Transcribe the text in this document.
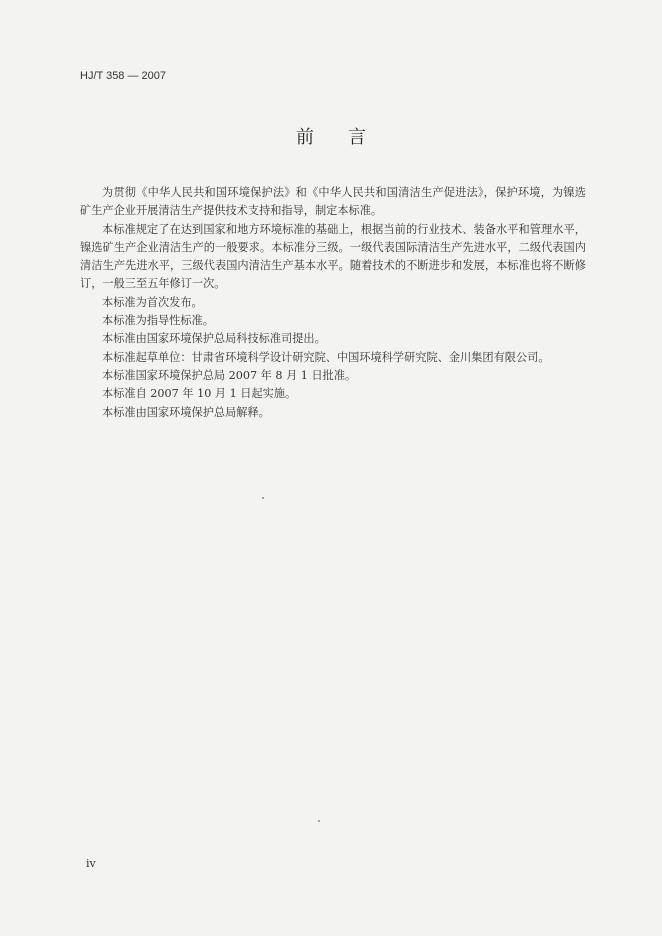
HJ/T 358 — 2007
前言

为贯彻《中华人民共和国环境保护法》和《中华人民共和国清洁生产促进法》，保护环境，为镍选矿生产企业开展清洁生产提供技术支持和指导，制定本标准。

本标准规定了在达到国家和地方环境标准的基础上，根据当前的行业技术、装备水平和管理水平，镍选矿生产企业清洁生产的一般要求。本标准分三级。一级代表国际清洁生产先进水平，二级代表国内清洁生产先进水平，三级代表国内清洁生产基本水平。随着技术的不断进步和发展，本标准也将不断修订，一般三至五年修订一次。

本标准为首次发布。

本标准为指导性标准。

本标准由国家环境保护总局科技标准司提出。

本标准起草单位：甘肃省环境科学设计研究院、中国环境科学研究院、金川集团有限公司。

本标准国家环境保护总局 2007 年 8 月 1 日批准。

本标准自 2007 年 10 月 1 日起实施。

本标准由国家环境保护总局解释。

iv
